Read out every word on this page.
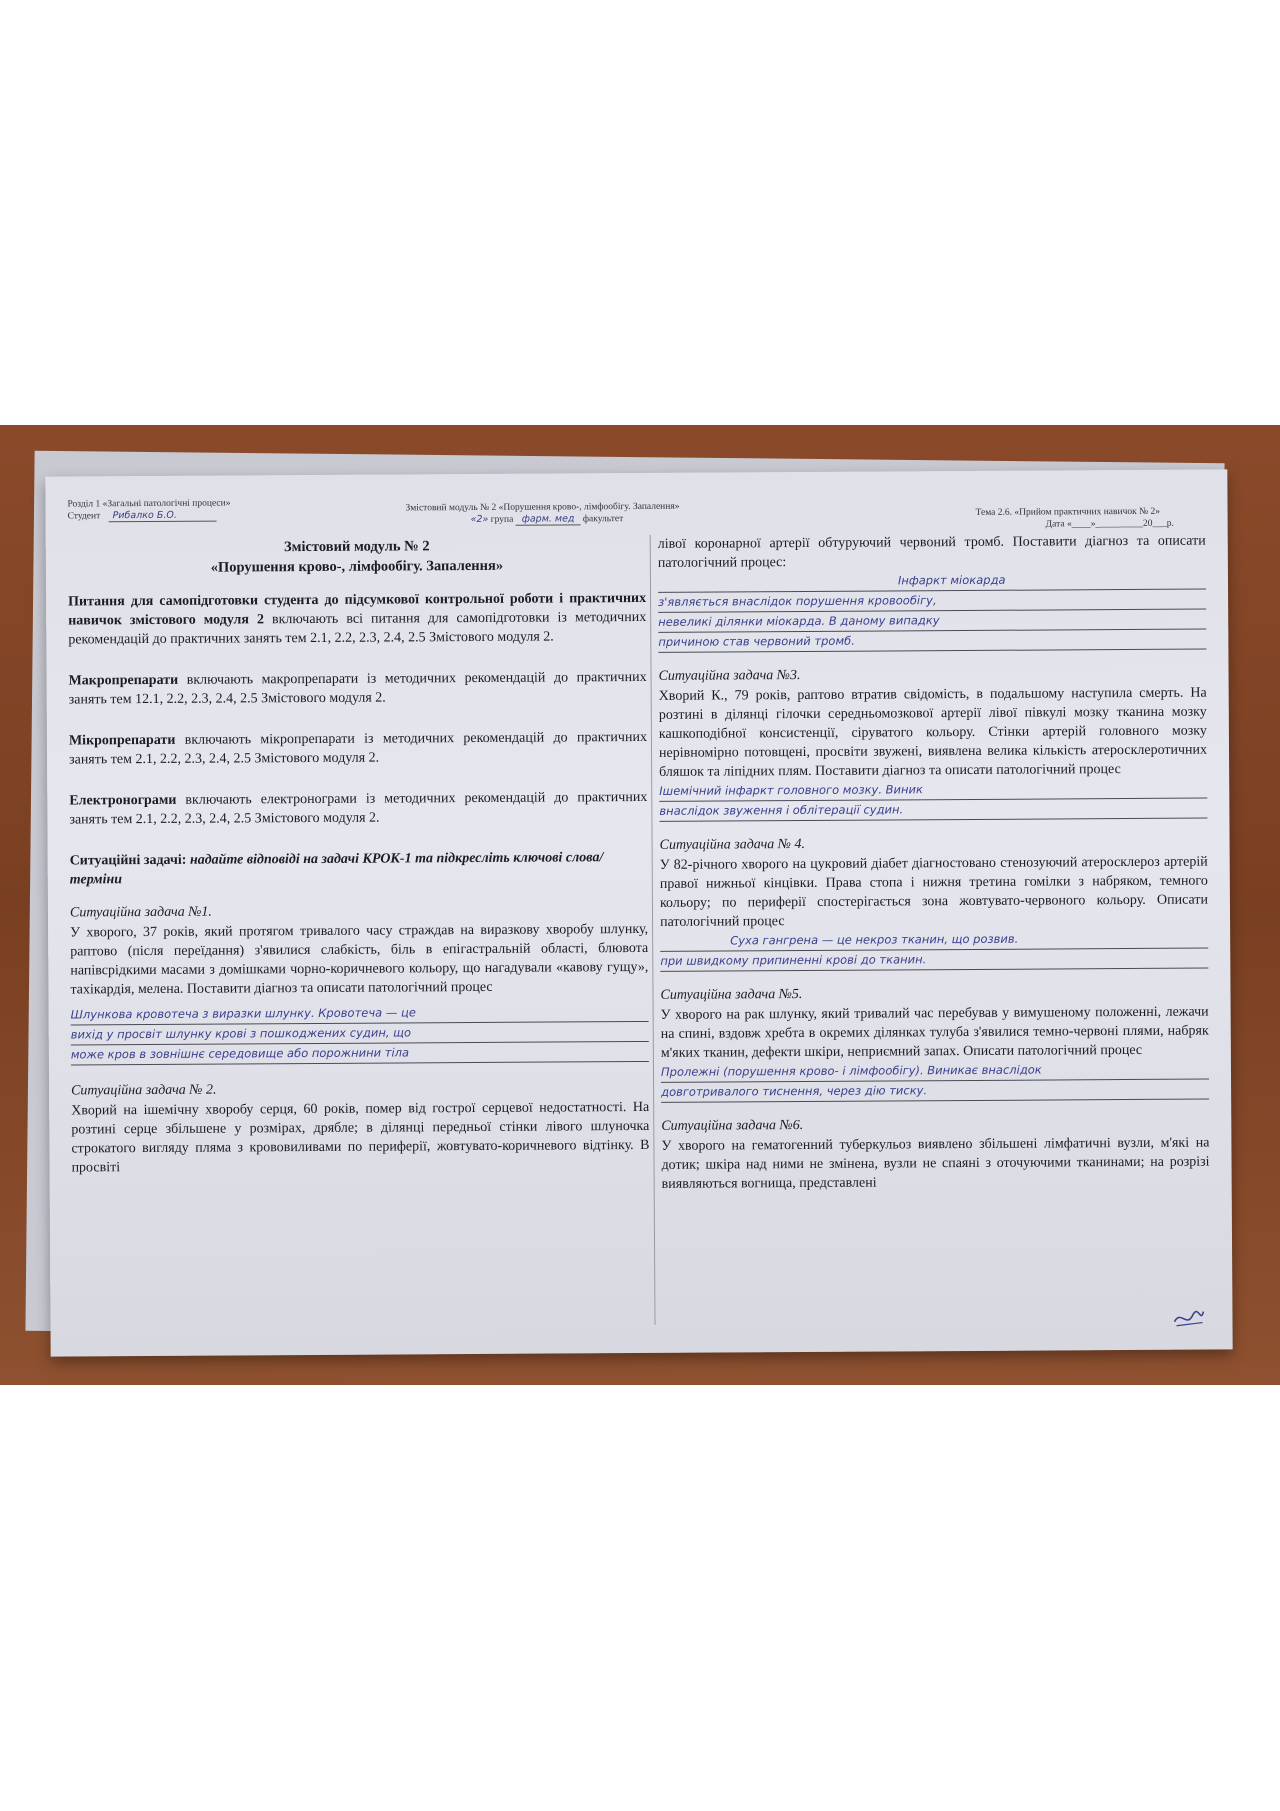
Розділ 1 «Загальні патологічні процеси»
Студент Рибалко Б.О.
Змістовий модуль № 2 «Порушення крово-, лімфообігу. Запалення»
«2» група фарм. мед факультет
Тема 2.6. «Прийом практичних навичок № 2»
Дата «____»__________20___р.
Змістовий модуль № 2
«Порушення крово-, лімфообігу. Запалення»

Питання для самопідготовки студента до підсумкової контрольної роботи і практичних навичок змістового модуля 2 включають всі питання для самопідготовки із методичних рекомендацій до практичних занять тем 2.1, 2.2, 2.3, 2.4, 2.5 Змістового модуля 2.

Макропрепарати включають макропрепарати із методичних рекомендацій до практичних занять тем 12.1, 2.2, 2.3, 2.4, 2.5 Змістового модуля 2.

Мікропрепарати включають мікропрепарати із методичних рекомендацій до практичних занять тем 2.1, 2.2, 2.3, 2.4, 2.5 Змістового модуля 2.

Електронограми включають електронограми із методичних рекомендацій до практичних занять тем 2.1, 2.2, 2.3, 2.4, 2.5 Змістового модуля 2.

Ситуаційні задачі: надайте відповіді на задачі КРОК-1 та підкресліть ключові слова/терміни

Ситуаційна задача №1.

У хворого, 37 років, який протягом тривалого часу страждав на виразкову хворобу шлунку, раптово (після переїдання) з'явилися слабкість, біль в епігастральній області, блювота напівсрідкими масами з домішками чорно-коричневого кольору, що нагадували «кавову гущу», тахікардія, мелена. Поставити діагноз та описати патологічний процес

Шлункова кровотеча з виразки шлунку. Кровотеча — це
вихід у просвіт шлунку крові з пошкоджених судин, що
може кров в зовнішнє середовище або порожнини тіла
Ситуаційна задача № 2.

Хворий на ішемічну хворобу серця, 60 років, помер від гострої серцевої недостатності. На розтині серце збільшене у розмірах, дрябле; в ділянці передньої стінки лівого шлуночка строкатого вигляду пляма з крововиливами по периферії, жовтувато-коричневого відтінку. В просвіті

лівої коронарної артерії обтуруючий червоний тромб. Поставити діагноз та описати патологічний процес:

Інфаркт міокарда
з'являється внаслідок порушення кровообігу,
невеликі ділянки міокарда. В даному випадку
причиною став червоний тромб.
Ситуаційна задача №3.

Хворий К., 79 років, раптово втратив свідомість, в подальшому наступила смерть. На розтині в ділянці гілочки середньомозкової артерії лівої півкулі мозку тканина мозку кашкоподібної консистенції, сіруватого кольору. Стінки артерій головного мозку нерівномірно потовщені, просвіти звужені, виявлена велика кількість атеросклеротичних бляшок та ліпідних плям. Поставити діагноз та описати патологічний процес

Ішемічний інфаркт головного мозку. Виник
внаслідок звуження і облітерації судин.
Ситуаційна задача № 4.

У 82-річного хворого на цукровий діабет діагностовано стенозуючий атеросклероз артерій правої нижньої кінцівки. Права стопа і нижня третина гомілки з набряком, темного кольору; по периферії спостерігається зона жовтувато-червоного кольору. Описати патологічний процес

Суха гангрена — це некроз тканин, що розвив.
при швидкому припиненні крові до тканин.
Ситуаційна задача №5.

У хворого на рак шлунку, який тривалий час перебував у вимушеному положенні, лежачи на спині, вздовж хребта в окремих ділянках тулуба з'явилися темно-червоні плями, набряк м'яких тканин, дефекти шкіри, неприємний запах. Описати патологічний процес

Пролежні (порушення крово- і лімфообігу). Виникає внаслідок
довготривалого тиснення, через дію тиску.
Ситуаційна задача №6.

У хворого на гематогенний туберкульоз виявлено збільшені лімфатичні вузли, м'які на дотик; шкіра над ними не змінена, вузли не спаяні з оточуючими тканинами; на розрізі виявляються вогнища, представлені
